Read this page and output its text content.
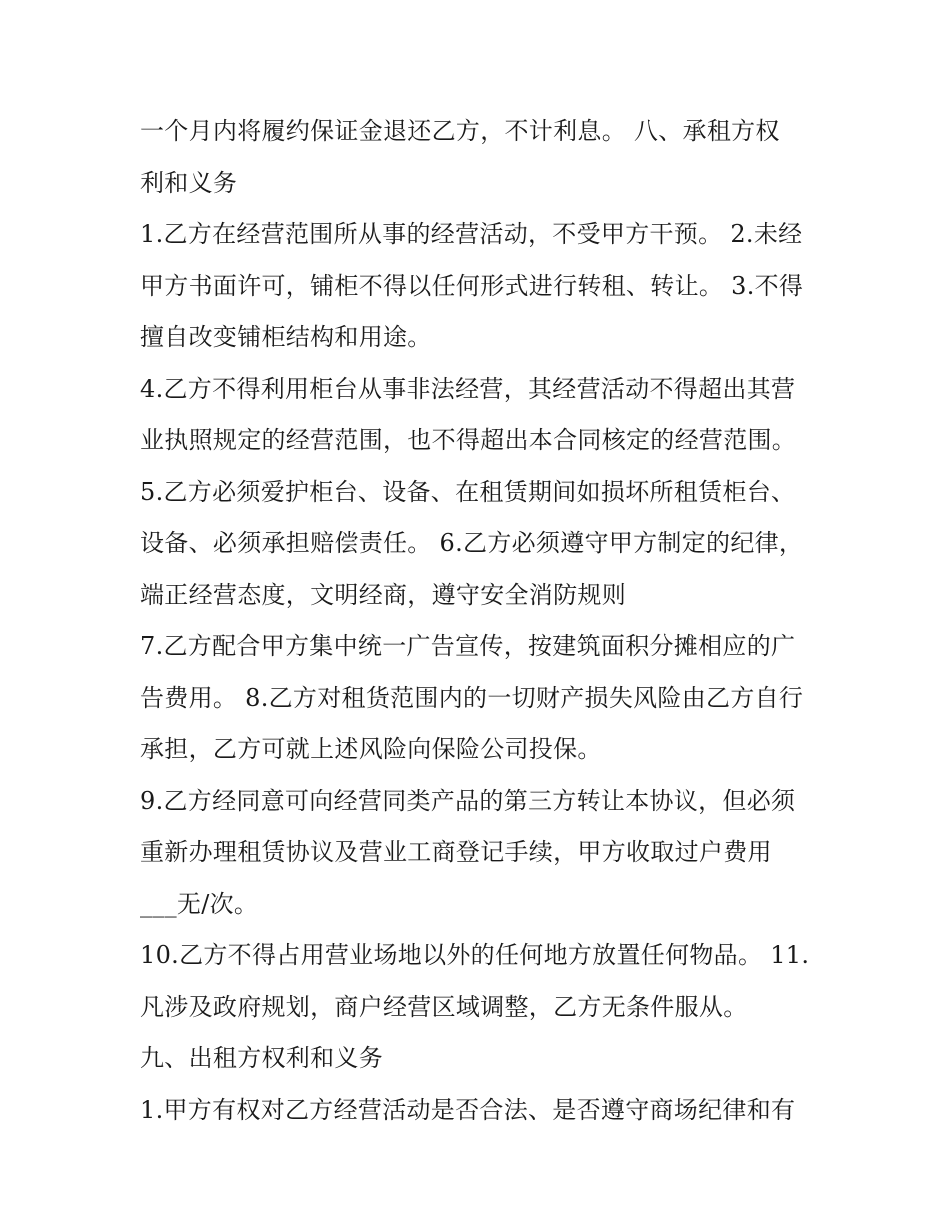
一个月内将履约保证金退还乙方，不计利息。 八、承租方权
利和义务
1.乙方在经营范围所从事的经营活动，不受甲方干预。 2.未经
甲方书面许可，铺柜不得以任何形式进行转租、转让。 3.不得
擅自改变铺柜结构和用途。
4.乙方不得利用柜台从事非法经营，其经营活动不得超出其营
业执照规定的经营范围，也不得超出本合同核定的经营范围。
5.乙方必须爱护柜台、设备、在租赁期间如损坏所租赁柜台、
设备、必须承担赔偿责任。 6.乙方必须遵守甲方制定的纪律，
端正经营态度，文明经商，遵守安全消防规则
7.乙方配合甲方集中统一广告宣传，按建筑面积分摊相应的广
告费用。 8.乙方对租货范围内的一切财产损失风险由乙方自行
承担，乙方可就上述风险向保险公司投保。
9.乙方经同意可向经营同类产品的第三方转让本协议，但必须
重新办理租赁协议及营业工商登记手续，甲方收取过户费用
___无/次。
10.乙方不得占用营业场地以外的任何地方放置任何物品。 11.
凡涉及政府规划，商户经营区域调整，乙方无条件服从。
九、出租方权利和义务
1.甲方有权对乙方经营活动是否合法、是否遵守商场纪律和有
